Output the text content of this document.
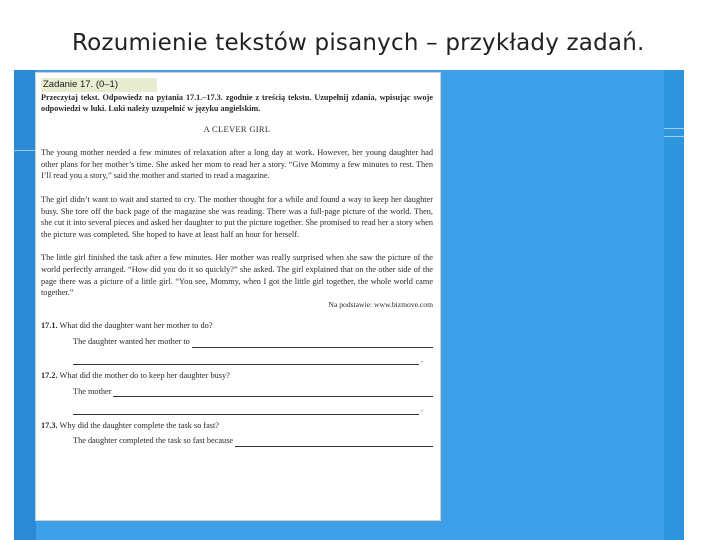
Rozumienie tekstów pisanych – przykłady zadań.
Zadanie 17. (0–1)
Przeczytaj tekst. Odpowiedz na pytania 17.1.–17.3. zgodnie z treścią tekstu. Uzupełnij zdania, wpisując swoje odpowiedzi w luki. Luki należy uzupełnić w języku angielskim.
A CLEVER GIRL
The young mother needed a few minutes of relaxation after a long day at work. However, her young daughter had other plans for her mother’s time. She asked her mom to read her a story. “Give Mommy a few minutes to rest. Then I’ll read you a story,” said the mother and started to read a magazine.
The girl didn’t want to wait and started to cry. The mother thought for a while and found a way to keep her daughter busy. She tore off the back page of the magazine she was reading. There was a full-page picture of the world. Then, she cut it into several pieces and asked her daughter to put the picture together. She promised to read her a story when the picture was completed. She hoped to have at least half an hour for herself.
The little girl finished the task after a few minutes. Her mother was really surprised when she saw the picture of the world perfectly arranged. “How did you do it so quickly?” she asked. The girl explained that on the other side of the page there was a picture of a little girl. “You see, Mommy, when I got the little girl together, the whole world came together.”
Na podstawie: www.bizmove.com
17.1. What did the daughter want her mother to do?
The daughter wanted her mother to
.
17.2. What did the mother do to keep her daughter busy?
The mother
.
17.3. Why did the daughter complete the task so fast?
The daughter completed the task so fast because
